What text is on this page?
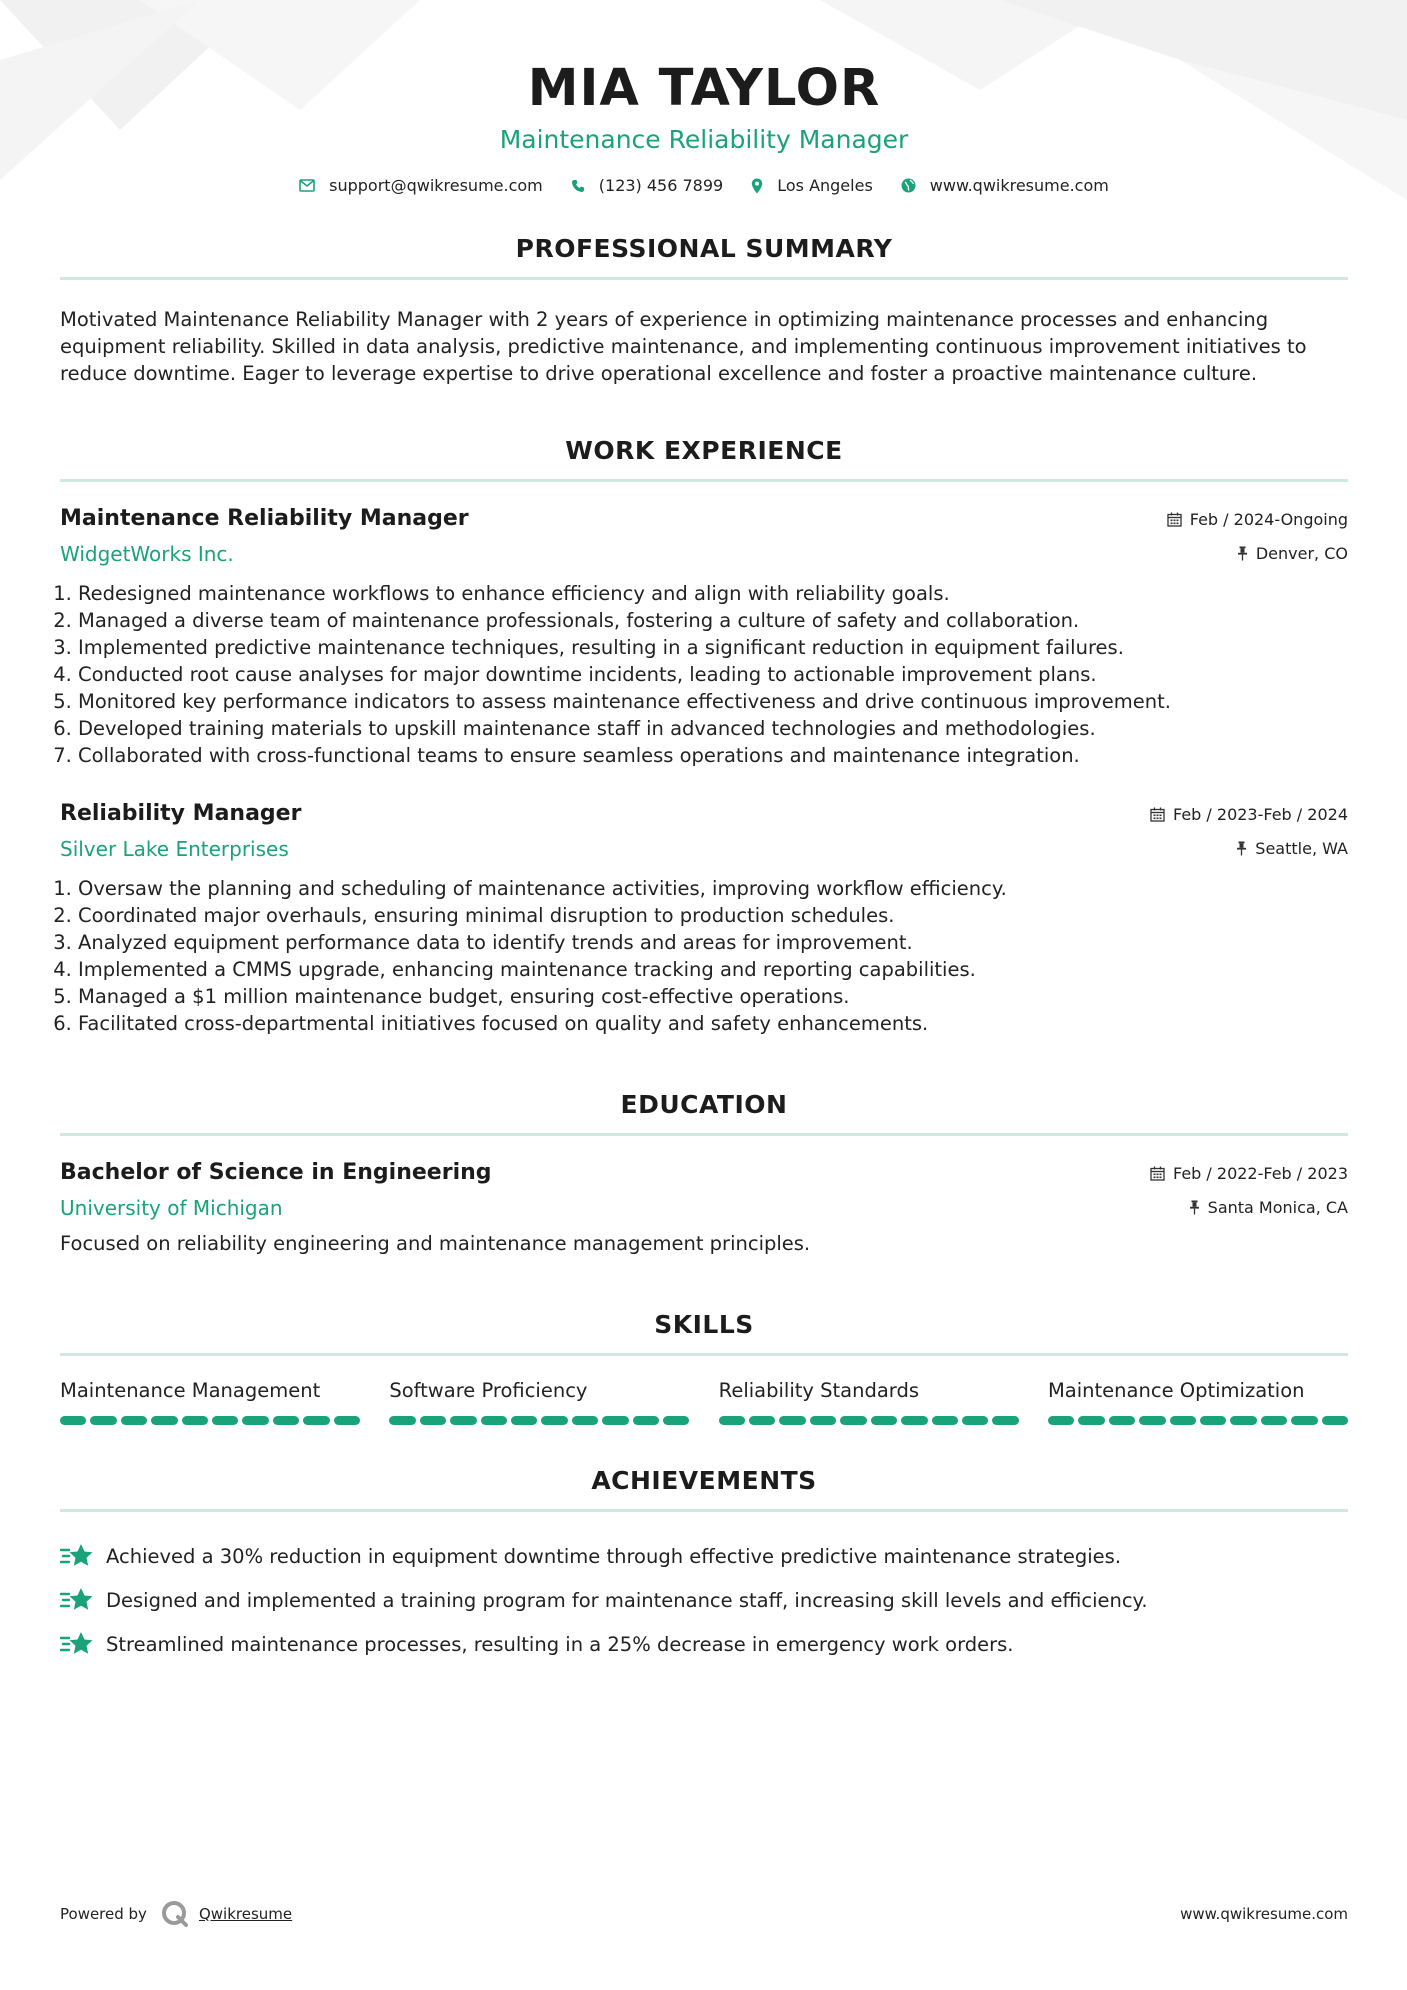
MIA TAYLOR
Maintenance Reliability Manager
support@qwikresume.com	(123) 456 7899	Los Angeles	www.qwikresume.com
PROFESSIONAL SUMMARY
Motivated Maintenance Reliability Manager with 2 years of experience in optimizing maintenance processes and enhancing equipment reliability. Skilled in data analysis, predictive maintenance, and implementing continuous improvement initiatives to reduce downtime. Eager to leverage expertise to drive operational excellence and foster a proactive maintenance culture.
WORK EXPERIENCE
Maintenance Reliability Manager
WidgetWorks Inc.
Feb / 2024-Ongoing
Denver, CO
1. Redesigned maintenance workflows to enhance efficiency and align with reliability goals.
2. Managed a diverse team of maintenance professionals, fostering a culture of safety and collaboration.
3. Implemented predictive maintenance techniques, resulting in a significant reduction in equipment failures.
4. Conducted root cause analyses for major downtime incidents, leading to actionable improvement plans.
5. Monitored key performance indicators to assess maintenance effectiveness and drive continuous improvement.
6. Developed training materials to upskill maintenance staff in advanced technologies and methodologies.
7. Collaborated with cross-functional teams to ensure seamless operations and maintenance integration.
Reliability Manager
Silver Lake Enterprises
Feb / 2023-Feb / 2024
Seattle, WA
1. Oversaw the planning and scheduling of maintenance activities, improving workflow efficiency.
2. Coordinated major overhauls, ensuring minimal disruption to production schedules.
3. Analyzed equipment performance data to identify trends and areas for improvement.
4. Implemented a CMMS upgrade, enhancing maintenance tracking and reporting capabilities.
5. Managed a $1 million maintenance budget, ensuring cost-effective operations.
6. Facilitated cross-departmental initiatives focused on quality and safety enhancements.
EDUCATION
Bachelor of Science in Engineering
University of Michigan
Feb / 2022-Feb / 2023
Santa Monica, CA
Focused on reliability engineering and maintenance management principles.
SKILLS
Maintenance Management	Software Proficiency	Reliability Standards	Maintenance Optimization
ACHIEVEMENTS
Achieved a 30% reduction in equipment downtime through effective predictive maintenance strategies.
Designed and implemented a training program for maintenance staff, increasing skill levels and efficiency.
Streamlined maintenance processes, resulting in a 25% decrease in emergency work orders.
Powered by	Qwikresume	www.qwikresume.com
